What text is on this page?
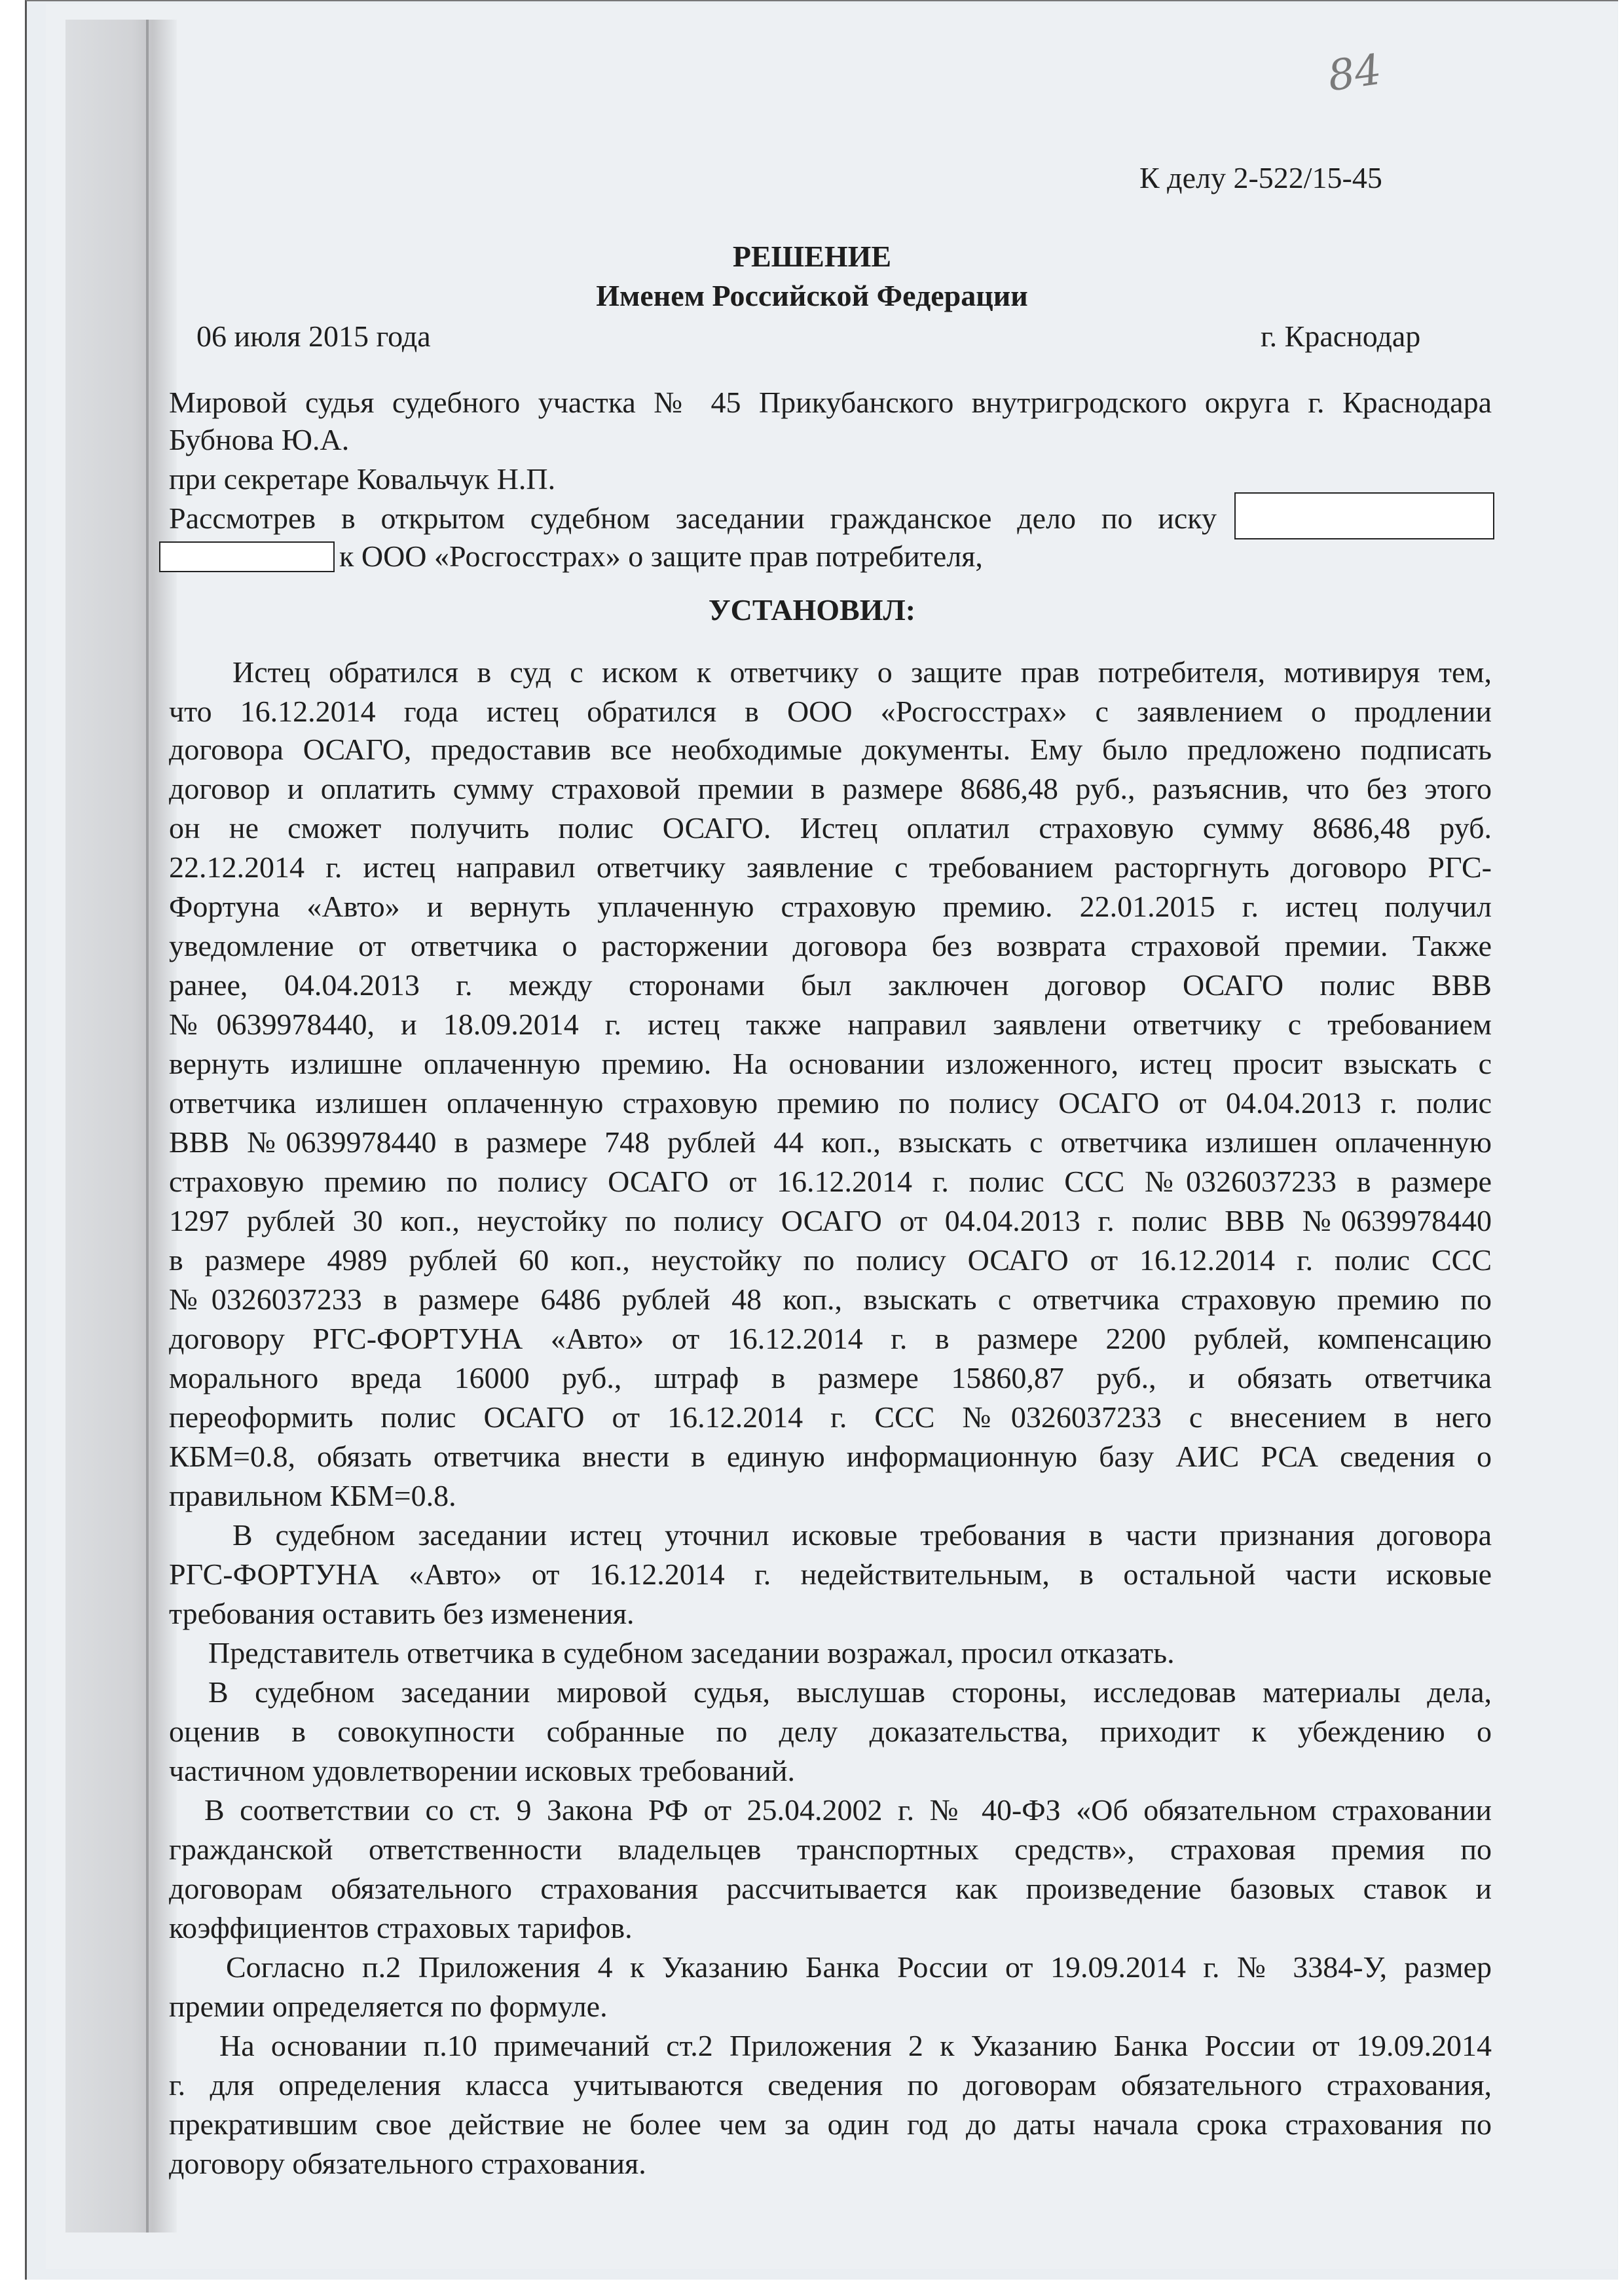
84
К делу 2-522/15-45
РЕШЕНИЕ
Именем Российской Федерации
06 июля 2015 года	г. Краснодар
Мировой судья судебного участка № 45 Прикубанского внутригродского округа г. Краснодара
Бубнова Ю.А.
при секретаре Ковальчук Н.П.
Рассмотрев в открытом судебном заседании гражданское дело по иску
к ООО «Росгосстрах» о защите прав потребителя,
УСТАНОВИЛ:
Истец обратился в суд с иском к ответчику о защите прав потребителя, мотивируя тем,
что 16.12.2014 года истец обратился в ООО «Росгосстрах» с заявлением о продлении
договора ОСАГО, предоставив все необходимые документы. Ему было предложено подписать
договор и оплатить сумму страховой премии в размере 8686,48 руб., разъяснив, что без этого
он не сможет получить полис ОСАГО. Истец оплатил страховую сумму 8686,48 руб.
22.12.2014 г. истец направил ответчику заявление с требованием расторгнуть договоро РГС-
Фортуна «Авто» и вернуть уплаченную страховую премию. 22.01.2015 г. истец получил
уведомление от ответчика о расторжении договора без возврата страховой премии. Также
ранее, 04.04.2013 г. между сторонами был заключен договор ОСАГО полис ВВВ
№0639978440, и 18.09.2014 г. истец также направил заявлени ответчику с требованием
вернуть излишне оплаченную премию. На основании изложенного, истец просит взыскать с
ответчика излишен оплаченную страховую премию по полису ОСАГО от 04.04.2013 г. полис
ВВВ №0639978440 в размере 748 рублей 44 коп., взыскать с ответчика излишен оплаченную
страховую премию по полису ОСАГО от 16.12.2014 г. полис ССС №0326037233 в размере
1297 рублей 30 коп., неустойку по полису ОСАГО от 04.04.2013 г. полис ВВВ №0639978440
в размере 4989 рублей 60 коп., неустойку по полису ОСАГО от 16.12.2014 г. полис ССС
№0326037233 в размере 6486 рублей 48 коп., взыскать с ответчика страховую премию по
договору РГС-ФОРТУНА «Авто» от 16.12.2014 г. в размере 2200 рублей, компенсацию
морального вреда 16000 руб., штраф в размере 15860,87 руб., и обязать ответчика
переоформить полис ОСАГО от 16.12.2014 г. ССС №0326037233 с внесением в него
КБМ=0.8, обязать ответчика внести в единую информационную базу АИС РСА сведения о
правильном КБМ=0.8.
В судебном заседании истец уточнил исковые требования в части признания договора
РГС-ФОРТУНА «Авто» от 16.12.2014 г. недействительным, в остальной части исковые
требования оставить без изменения.
Представитель ответчика в судебном заседании возражал, просил отказать.
В судебном заседании мировой судья, выслушав стороны, исследовав материалы дела,
оценив в совокупности собранные по делу доказательства, приходит к убеждению о
частичном удовлетворении исковых требований.
В соответствии со ст. 9 Закона РФ от 25.04.2002 г. № 40-ФЗ «Об обязательном страховании
гражданской ответственности владельцев транспортных средств», страховая премия по
договорам обязательного страхования рассчитывается как произведение базовых ставок и
коэффициентов страховых тарифов.
Согласно п.2 Приложения 4 к Указанию Банка России от 19.09.2014 г. № 3384-У, размер
премии определяется по формуле.
На основании п.10 примечаний ст.2 Приложения 2 к Указанию Банка России от 19.09.2014
г. для определения класса учитываются сведения по договорам обязательного страхования,
прекратившим свое действие не более чем за один год до даты начала срока страхования по
договору обязательного страхования.
